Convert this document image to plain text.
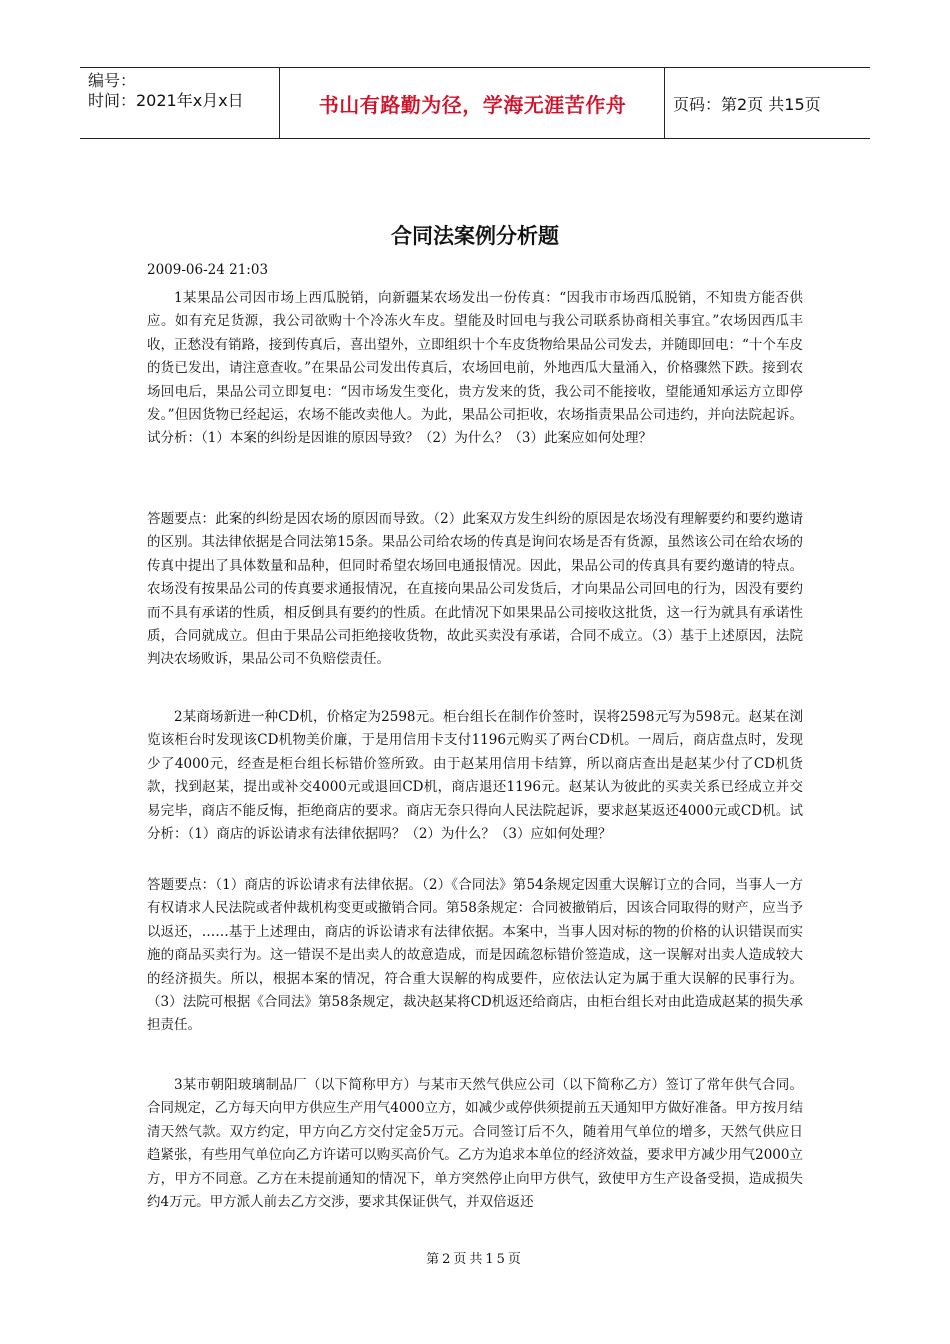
编号：
时间：2021年x月x日	书山有路勤为径，学海无涯苦作舟	页码：第2页 共15页
合同法案例分析题
2009-06-24 21:03

1某果品公司因市场上西瓜脱销，向新疆某农场发出一份传真：“因我市市场西瓜脱销，不知贵方能否供应。如有充足货源，我公司欲购十个冷冻火车皮。望能及时回电与我公司联系协商相关事宜。”农场因西瓜丰收，正愁没有销路，接到传真后，喜出望外，立即组织十个车皮货物给果品公司发去，并随即回电：“十个车皮的货已发出，请注意查收。”在果品公司发出传真后，农场回电前，外地西瓜大量涌入，价格骤然下跌。接到农场回电后，果品公司立即复电：“因市场发生变化，贵方发来的货，我公司不能接收，望能通知承运方立即停发。”但因货物已经起运，农场不能改卖他人。为此，果品公司拒收，农场指责果品公司违约，并向法院起诉。试分析：（1）本案的纠纷是因谁的原因导致？（2）为什么？（3）此案应如何处理？

答题要点：此案的纠纷是因农场的原因而导致。（2）此案双方发生纠纷的原因是农场没有理解要约和要约邀请的区别。其法律依据是合同法第15条。果品公司给农场的传真是询问农场是否有货源，虽然该公司在给农场的传真中提出了具体数量和品种，但同时希望农场回电通报情况。因此，果品公司的传真具有要约邀请的特点。农场没有按果品公司的传真要求通报情况，在直接向果品公司发货后，才向果品公司回电的行为，因没有要约而不具有承诺的性质，相反倒具有要约的性质。在此情况下如果果品公司接收这批货，这一行为就具有承诺性质，合同就成立。但由于果品公司拒绝接收货物，故此买卖没有承诺，合同不成立。（3）基于上述原因，法院判决农场败诉，果品公司不负赔偿责任。

2某商场新进一种CD机，价格定为2598元。柜台组长在制作价签时，误将2598元写为598元。赵某在浏览该柜台时发现该CD机物美价廉，于是用信用卡支付1196元购买了两台CD机。一周后，商店盘点时，发现少了4000元，经查是柜台组长标错价签所致。由于赵某用信用卡结算，所以商店查出是赵某少付了CD机货款，找到赵某，提出或补交4000元或退回CD机，商店退还1196元。赵某认为彼此的买卖关系已经成立并交易完毕，商店不能反悔，拒绝商店的要求。商店无奈只得向人民法院起诉，要求赵某返还4000元或CD机。试分析：（1）商店的诉讼请求有法律依据吗？（2）为什么？（3）应如何处理？

答题要点：（1）商店的诉讼请求有法律依据。（2）《合同法》第54条规定因重大误解订立的合同，当事人一方有权请求人民法院或者仲裁机构变更或撤销合同。第58条规定：合同被撤销后，因该合同取得的财产，应当予以返还，……基于上述理由，商店的诉讼请求有法律依据。本案中，当事人因对标的物的价格的认识错误而实施的商品买卖行为。这一错误不是出卖人的故意造成，而是因疏忽标错价签造成，这一误解对出卖人造成较大的经济损失。所以，根据本案的情况，符合重大误解的构成要件，应依法认定为属于重大误解的民事行为。（3）法院可根据《合同法》第58条规定，裁决赵某将CD机返还给商店，由柜台组长对由此造成赵某的损失承担责任。

3某市朝阳玻璃制品厂（以下简称甲方）与某市天然气供应公司（以下简称乙方）签订了常年供气合同。合同规定，乙方每天向甲方供应生产用气4000立方，如减少或停供须提前五天通知甲方做好准备。甲方按月结清天然气款。双方约定，甲方向乙方交付定金5万元。合同签订后不久，随着用气单位的增多，天然气供应日趋紧张，有些用气单位向乙方许诺可以购买高价气。乙方为追求本单位的经济效益，要求甲方减少用气2000立方，甲方不同意。乙方在未提前通知的情况下，单方突然停止向甲方供气，致使甲方生产设备受损，造成损失约4万元。甲方派人前去乙方交涉，要求其保证供气，并双倍返还

第2页共15页
